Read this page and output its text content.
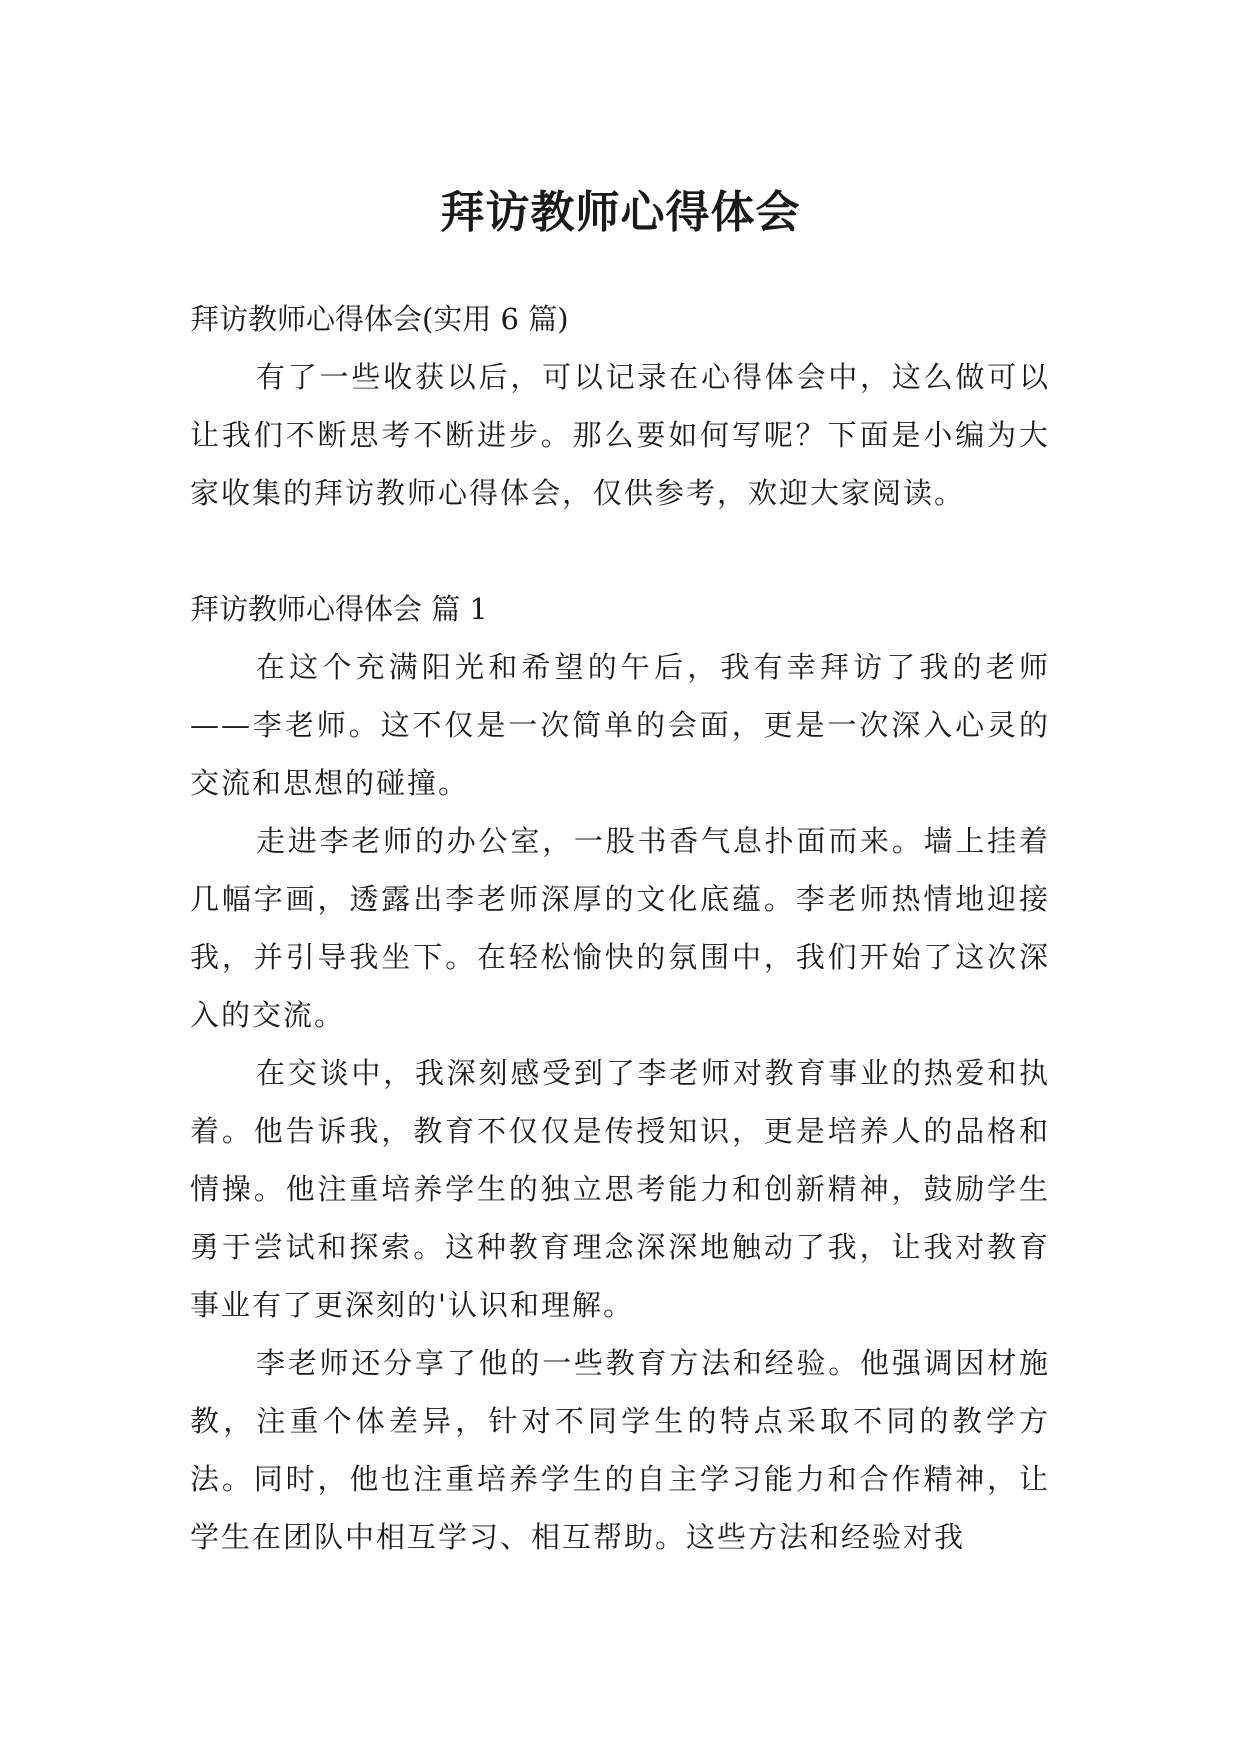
拜访教师心得体会

拜访教师心得体会(实用 6 篇)

有了一些收获以后，可以记录在心得体会中，这么做可以让我们不断思考不断进步。那么要如何写呢？下面是小编为大家收集的拜访教师心得体会，仅供参考，欢迎大家阅读。

拜访教师心得体会 篇 1

在这个充满阳光和希望的午后，我有幸拜访了我的老师——李老师。这不仅是一次简单的会面，更是一次深入心灵的交流和思想的碰撞。

走进李老师的办公室，一股书香气息扑面而来。墙上挂着几幅字画，透露出李老师深厚的文化底蕴。李老师热情地迎接我，并引导我坐下。在轻松愉快的氛围中，我们开始了这次深入的交流。

在交谈中，我深刻感受到了李老师对教育事业的热爱和执着。他告诉我，教育不仅仅是传授知识，更是培养人的品格和情操。他注重培养学生的独立思考能力和创新精神，鼓励学生勇于尝试和探索。这种教育理念深深地触动了我，让我对教育事业有了更深刻的'认识和理解。

李老师还分享了他的一些教育方法和经验。他强调因材施教，注重个体差异，针对不同学生的特点采取不同的教学方法。同时，他也注重培养学生的自主学习能力和合作精神，让学生在团队中相互学习、相互帮助。这些方法和经验对我
